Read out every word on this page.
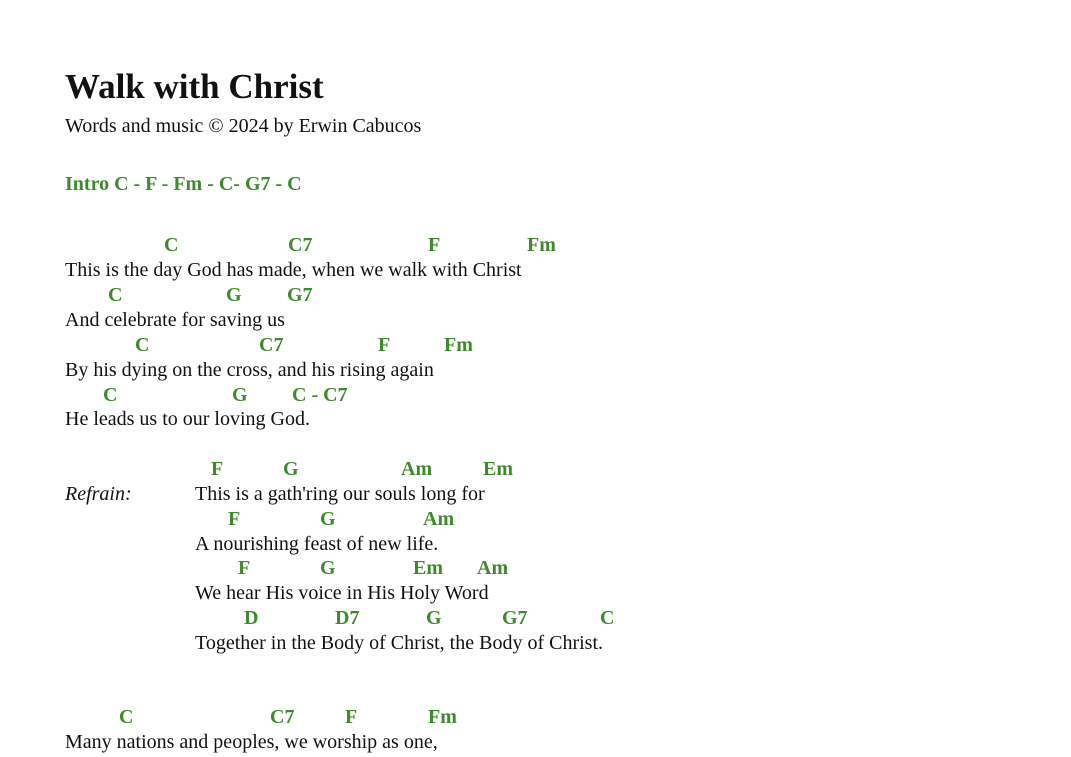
Walk with Christ
Words and music © 2024 by Erwin Cabucos
Intro C - F - Fm - C- G7 - C
C	C7	F	Fm
This is the day God has made, when we walk with Christ
C	G G7
And celebrate for saving us
C	C7	F	Fm
By his dying on the cross, and his rising again
C	G C - C7
He leads us to our loving God.
F	G	Am	Em
Refrain:	This is a gath'ring our souls long for
F	G	Am
A nourishing feast of new life.
F	G	Em Am
We hear His voice in His Holy Word
D	D7	G	G7	C
Together in the Body of Christ, the Body of Christ.
C	C7	F	Fm
Many nations and peoples, we worship as one,
